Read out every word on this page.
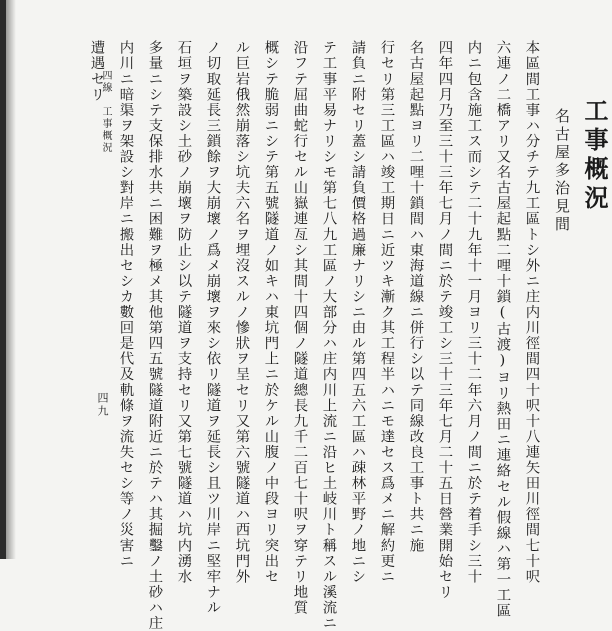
工事概況

名古屋多治見間

本區間工事ハ分チテ九工區トシ外ニ庄内川徑間四十呎十八連矢田川徑間七十呎

六連ノ二橋アリ又名古屋起點二哩十鎖(古渡)ヨリ熱田ニ連絡セル假線ハ第一工區

内ニ包含施工ス而シテ二十九年十一月ヨリ三十二年六月ノ間ニ於テ着手シ三十

四年四月乃至三十三年七月ノ間ニ於テ竣工シ三十三年七月二十五日營業開始セリ

名古屋起點ヨリ二哩十鎖間ハ東海道線ニ併行シ以テ同線改良工事ト共ニ施

行セリ第三工區ハ竣工期日ニ近ツキ漸ク其工程半ハニモ達セス爲メニ解約更ニ

請負ニ附セリ蓋シ請負價格過廉ナリシニ由ル第四五六工區ハ疎林平野ノ地ニシ

テ工事平易ナリシモ第七八九工區ノ大部分ハ庄内川上流ニ沿ヒ土岐川ト稱スル溪流ニ

沿フテ屈曲蛇行セル山嶽連亙シ其間十四個ノ隧道總長九千二百七十呎ヲ穿テリ地質

概シテ脆弱ニシテ第五號隧道ノ如キハ東坑門上ニ於ケル山腹ノ中段ヨリ突出セ

ル巨岩俄然崩落シ坑夫六名ヲ埋沒スルノ慘狀ヲ呈セリ又第六號隧道ハ西坑門外

ノ切取延長三鎖餘ヲ大崩壞ノ爲メ崩壞ヲ來シ依リ隧道ヲ延長シ且ツ川岸ニ堅牢ナル

石垣ヲ築設シ土砂ノ崩壞ヲ防止シ以テ隧道ヲ支持セリ又第七號隧道ハ坑内湧水

多量ニシテ支保排水共ニ困難ヲ極メ其他第四五號隧道附近ニ於テハ其掘鑿ノ土砂ハ庄

内川ニ暗渠ヲ架設シ對岸ニ搬出セシカ數回是代及軌條ヲ流失セシ等ノ災害ニ

遭遇セリ

四線　工事概況

四九
